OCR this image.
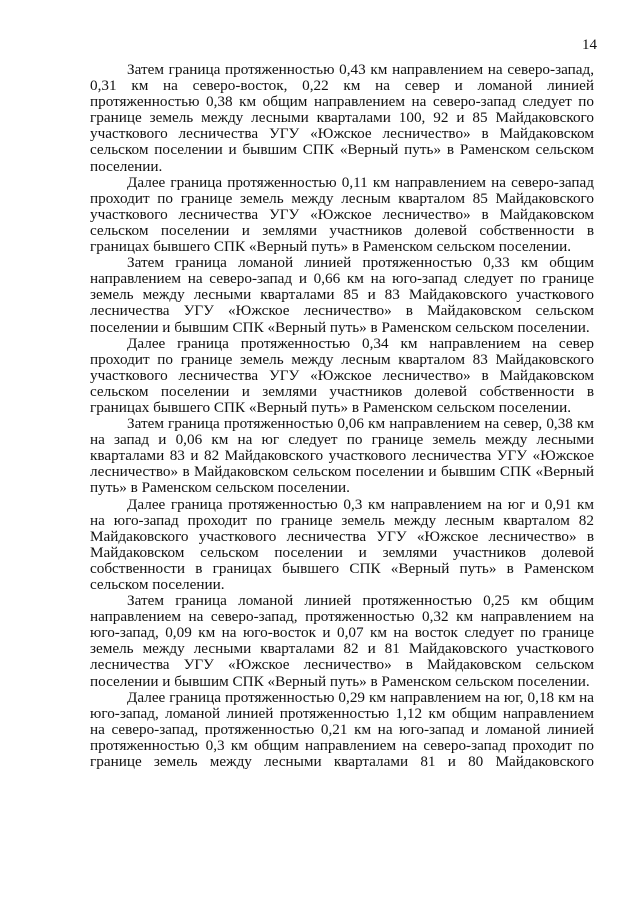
14

Затем граница протяженностью 0,43 км направлением на северо-запад, 0,31 км на северо-восток, 0,22 км на север и ломаной линией протяженностью 0,38 км общим направлением на северо-запад следует по границе земель между лесными кварталами 100, 92 и 85 Майдаковского участкового лесничества УГУ «Южское лесничество» в Майдаковском сельском поселении и бывшим СПК «Верный путь» в Раменском сельском поселении.

Далее граница протяженностью 0,11 км направлением на северо-запад проходит по границе земель между лесным кварталом 85 Майдаковского участкового лесничества УГУ «Южское лесничество» в Майдаковском сельском поселении и землями участников долевой собственности в границах бывшего СПК «Верный путь» в Раменском сельском поселении.

Затем граница ломаной линией протяженностью 0,33 км общим направлением на северо-запад и 0,66 км на юго-запад следует по границе земель между лесными кварталами 85 и 83 Майдаковского участкового лесничества УГУ «Южское лесничество» в Майдаковском сельском поселении и бывшим СПК «Верный путь» в Раменском сельском поселении.

Далее граница протяженностью 0,34 км направлением на север проходит по границе земель между лесным кварталом 83 Майдаковского участкового лесничества УГУ «Южское лесничество» в Майдаковском сельском поселении и землями участников долевой собственности в границах бывшего СПК «Верный путь» в Раменском сельском поселении.

Затем граница протяженностью 0,06 км направлением на север, 0,38 км на запад и 0,06 км на юг следует по границе земель между лесными кварталами 83 и 82 Майдаковского участкового лесничества УГУ «Южское лесничество» в Майдаковском сельском поселении и бывшим СПК «Верный путь» в Раменском сельском поселении.

Далее граница протяженностью 0,3 км направлением на юг и 0,91 км на юго-запад проходит по границе земель между лесным кварталом 82 Майдаковского участкового лесничества УГУ «Южское лесничество» в Майдаковском сельском поселении и землями участников долевой собственности в границах бывшего СПК «Верный путь» в Раменском сельском поселении.

Затем граница ломаной линией протяженностью 0,25 км общим направлением на северо-запад, протяженностью 0,32 км направлением на юго-запад, 0,09 км на юго-восток и 0,07 км на восток следует по границе земель между лесными кварталами 82 и 81 Майдаковского участкового лесничества УГУ «Южское лесничество» в Майдаковском сельском поселении и бывшим СПК «Верный путь» в Раменском сельском поселении.

Далее граница протяженностью 0,29 км направлением на юг, 0,18 км на юго-запад, ломаной линией протяженностью 1,12 км общим направлением на северо-запад, протяженностью 0,21 км на юго-запад и ломаной линией протяженностью 0,3 км общим направлением на северо-запад проходит по границе земель между лесными кварталами 81 и 80 Майдаковского
